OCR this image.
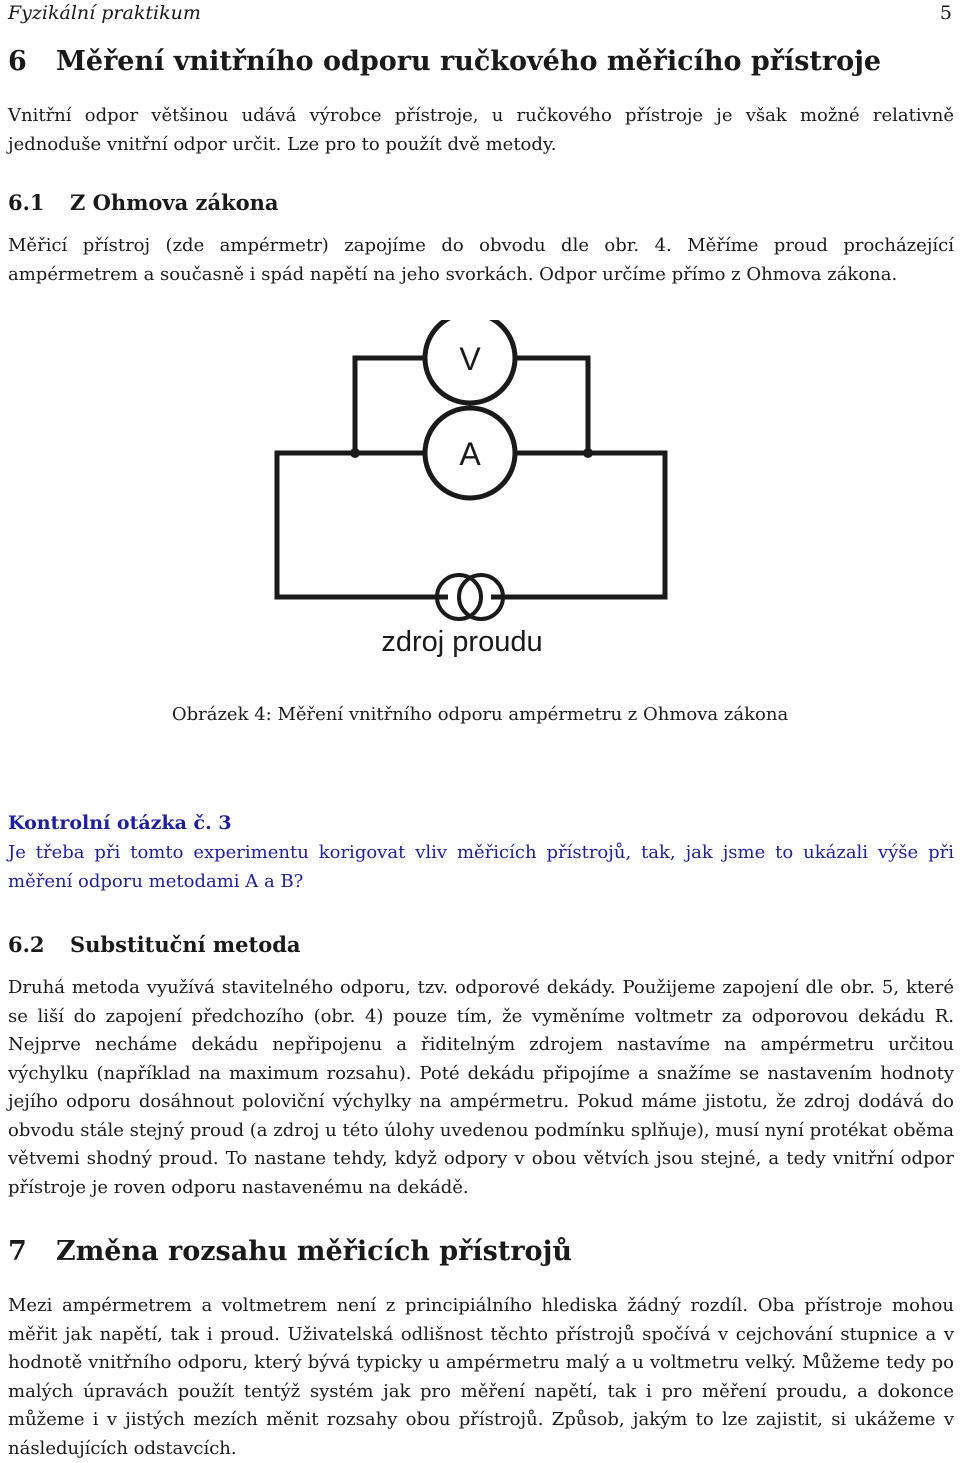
Fyzikální praktikum	5
6 Měření vnitřního odporu ručkového měřicího přístroje
Vnitřní odpor většinou udává výrobce přístroje, u ručkového přístroje je však možné relativně jednoduše vnitřní odpor určit. Lze pro to použít dvě metody.
6.1 Z Ohmova zákona
Měřicí přístroj (zde ampérmetr) zapojíme do obvodu dle obr. 4. Měříme proud procházející ampérmetrem a současně i spád napětí na jeho svorkách. Odpor určíme přímo z Ohmova zákona.
V
A
zdroj proudu
Obrázek 4: Měření vnitřního odporu ampérmetru z Ohmova zákona
Kontrolní otázka č. 3
Je třeba při tomto experimentu korigovat vliv měřicích přístrojů, tak, jak jsme to ukázali výše při měření odporu metodami A a B?
6.2 Substituční metoda
Druhá metoda využívá stavitelného odporu, tzv. odporové dekády. Použijeme zapojení dle obr. 5, které se liší do zapojení předchozího (obr. 4) pouze tím, že vyměníme voltmetr za odporovou dekádu R. Nejprve necháme dekádu nepřipojenu a řiditelným zdrojem nastavíme na ampérmetru určitou výchylku (například na maximum rozsahu). Poté dekádu připojíme a snažíme se nastavením hodnoty jejího odporu dosáhnout poloviční výchylky na ampérmetru. Pokud máme jistotu, že zdroj dodává do obvodu stále stejný proud (a zdroj u této úlohy uvedenou podmínku splňuje), musí nyní protékat oběma větvemi shodný proud. To nastane tehdy, když odpory v obou větvích jsou stejné, a tedy vnitřní odpor přístroje je roven odporu nastavenému na dekádě.
7 Změna rozsahu měřicích přístrojů
Mezi ampérmetrem a voltmetrem není z principiálního hlediska žádný rozdíl. Oba přístroje mohou měřit jak napětí, tak i proud. Uživatelská odlišnost těchto přístrojů spočívá v cejchování stupnice a v hodnotě vnitřního odporu, který bývá typicky u ampérmetru malý a u voltmetru velký. Můžeme tedy po malých úpravách použít tentýž systém jak pro měření napětí, tak i pro měření proudu, a dokonce můžeme i v jistých mezích měnit rozsahy obou přístrojů. Způsob, jakým to lze zajistit, si ukážeme v následujících odstavcích.
